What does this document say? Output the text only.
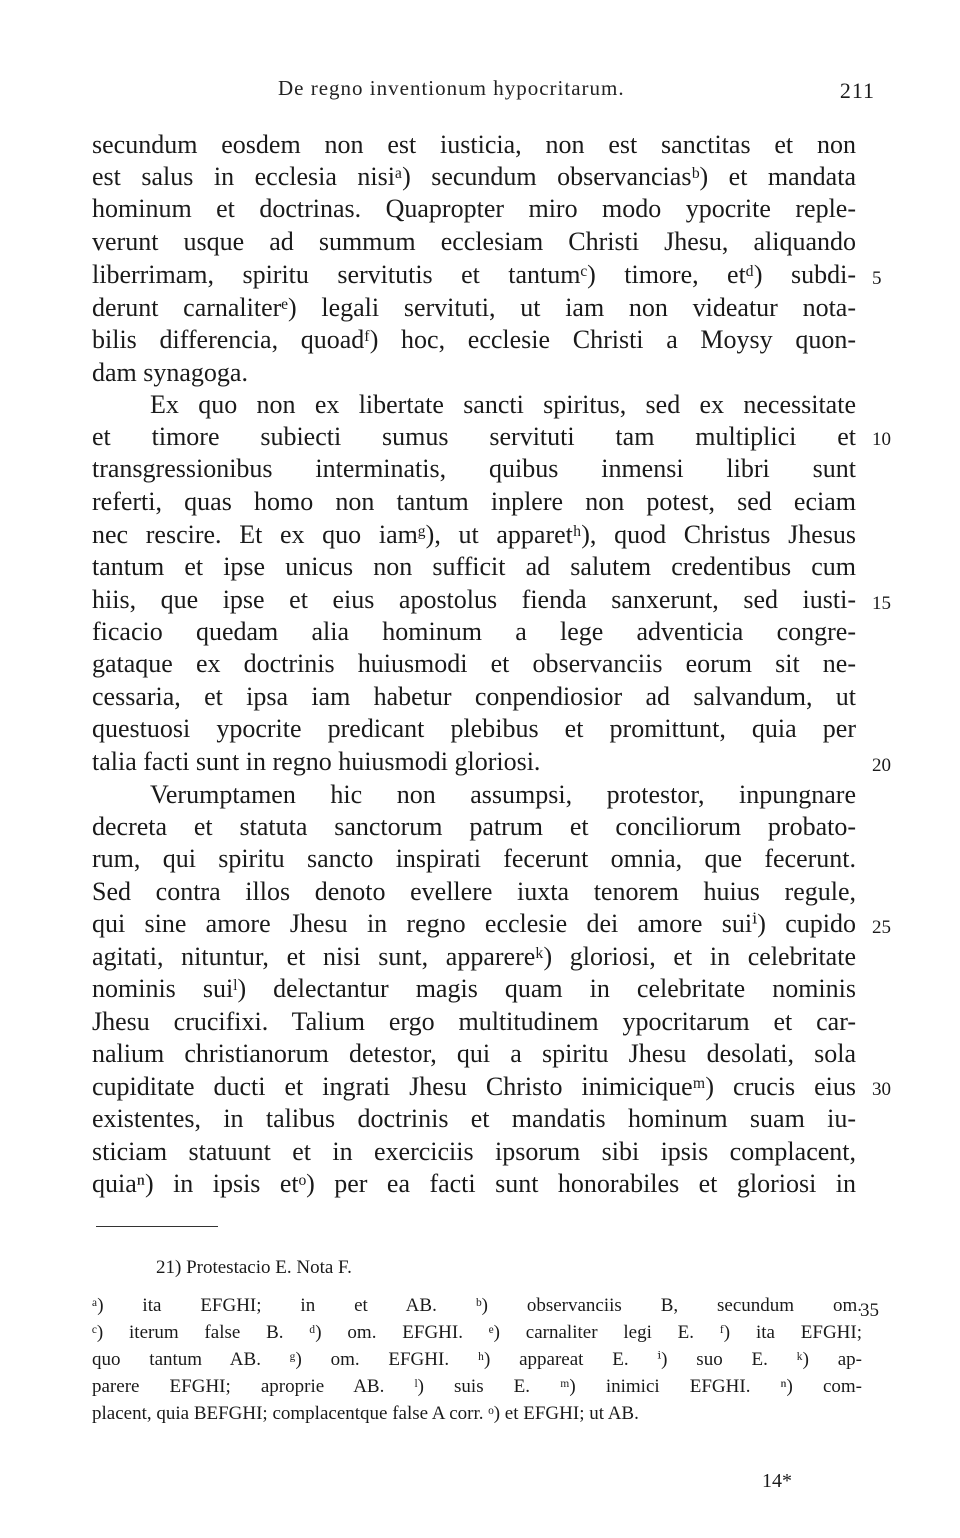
De regno inventionum hypocritarum.	211
secundum eosdem non est iusticia, non est sanctitas et non
est salus in ecclesia nisiᵃ) secundum observanciasᵇ) et mandata
hominum et doctrinas. Quapropter miro modo ypocrite reple-
verunt usque ad summum ecclesiam Christi Jhesu, aliquando
liberrimam, spiritu servitutis et tantumᶜ) timore, etᵈ) subdi-
derunt carnaliterᵉ) legali servituti, ut iam non videatur nota-
bilis differencia, quoadᶠ) hoc, ecclesie Christi a Moysy quon-
dam synagoga.
Ex quo non ex libertate sancti spiritus, sed ex necessitate
et timore subiecti sumus servituti tam multiplici et
transgressionibus interminatis, quibus inmensi libri sunt
referti, quas homo non tantum inplere non potest, sed eciam
nec rescire. Et ex quo iamᵍ), ut apparetʰ), quod Christus Jhesus
tantum et ipse unicus non sufficit ad salutem credentibus cum
hiis, que ipse et eius apostolus fienda sanxerunt, sed iusti-
ficacio quedam alia hominum a lege adventicia congre-
gataque ex doctrinis huiusmodi et observanciis eorum sit ne-
cessaria, et ipsa iam habetur conpendiosior ad salvandum, ut
questuosi ypocrite predicant plebibus et promittunt, quia per
talia facti sunt in regno huiusmodi gloriosi.
Verumptamen hic non assumpsi, protestor, inpungnare
decreta et statuta sanctorum patrum et conciliorum probato-
rum, qui spiritu sancto inspirati fecerunt omnia, que fecerunt.
Sed contra illos denoto evellere iuxta tenorem huius regule,
qui sine amore Jhesu in regno ecclesie dei amore suiⁱ) cupido
agitati, nituntur, et nisi sunt, apparereᵏ) gloriosi, et in celebritate
nominis suiˡ) delectantur magis quam in celebritate nominis
Jhesu crucifixi. Talium ergo multitudinem ypocritarum et car-
nalium christianorum detestor, qui a spiritu Jhesu desolati, sola
cupiditate ducti et ingrati Jhesu Christo inimiciqueᵐ) crucis eius
existentes, in talibus doctrinis et mandatis hominum suam iu-
sticiam statuunt et in exerciciis ipsorum sibi ipsis complacent,
quiaⁿ) in ipsis etᵒ) per ea facti sunt honorabiles et gloriosi in
5
10
15
20
25
30
21) Protestacio E. Nota F.
ᵃ) ita EFGHI; in et AB. ᵇ) observanciis B, secundum om.
ᶜ) iterum false B. ᵈ) om. EFGHI. ᵉ) carnaliter legi E. ᶠ) ita EFGHI;
quo tantum AB. ᵍ) om. EFGHI. ʰ) appareat E. ⁱ) suo E. ᵏ) ap-
parere EFGHI; aproprie AB. ˡ) suis E. ᵐ) inimici EFGHI. ⁿ) com-
placent, quia BEFGHI; complacentque false A corr. ᵒ) et EFGHI; ut AB.
35
14*
